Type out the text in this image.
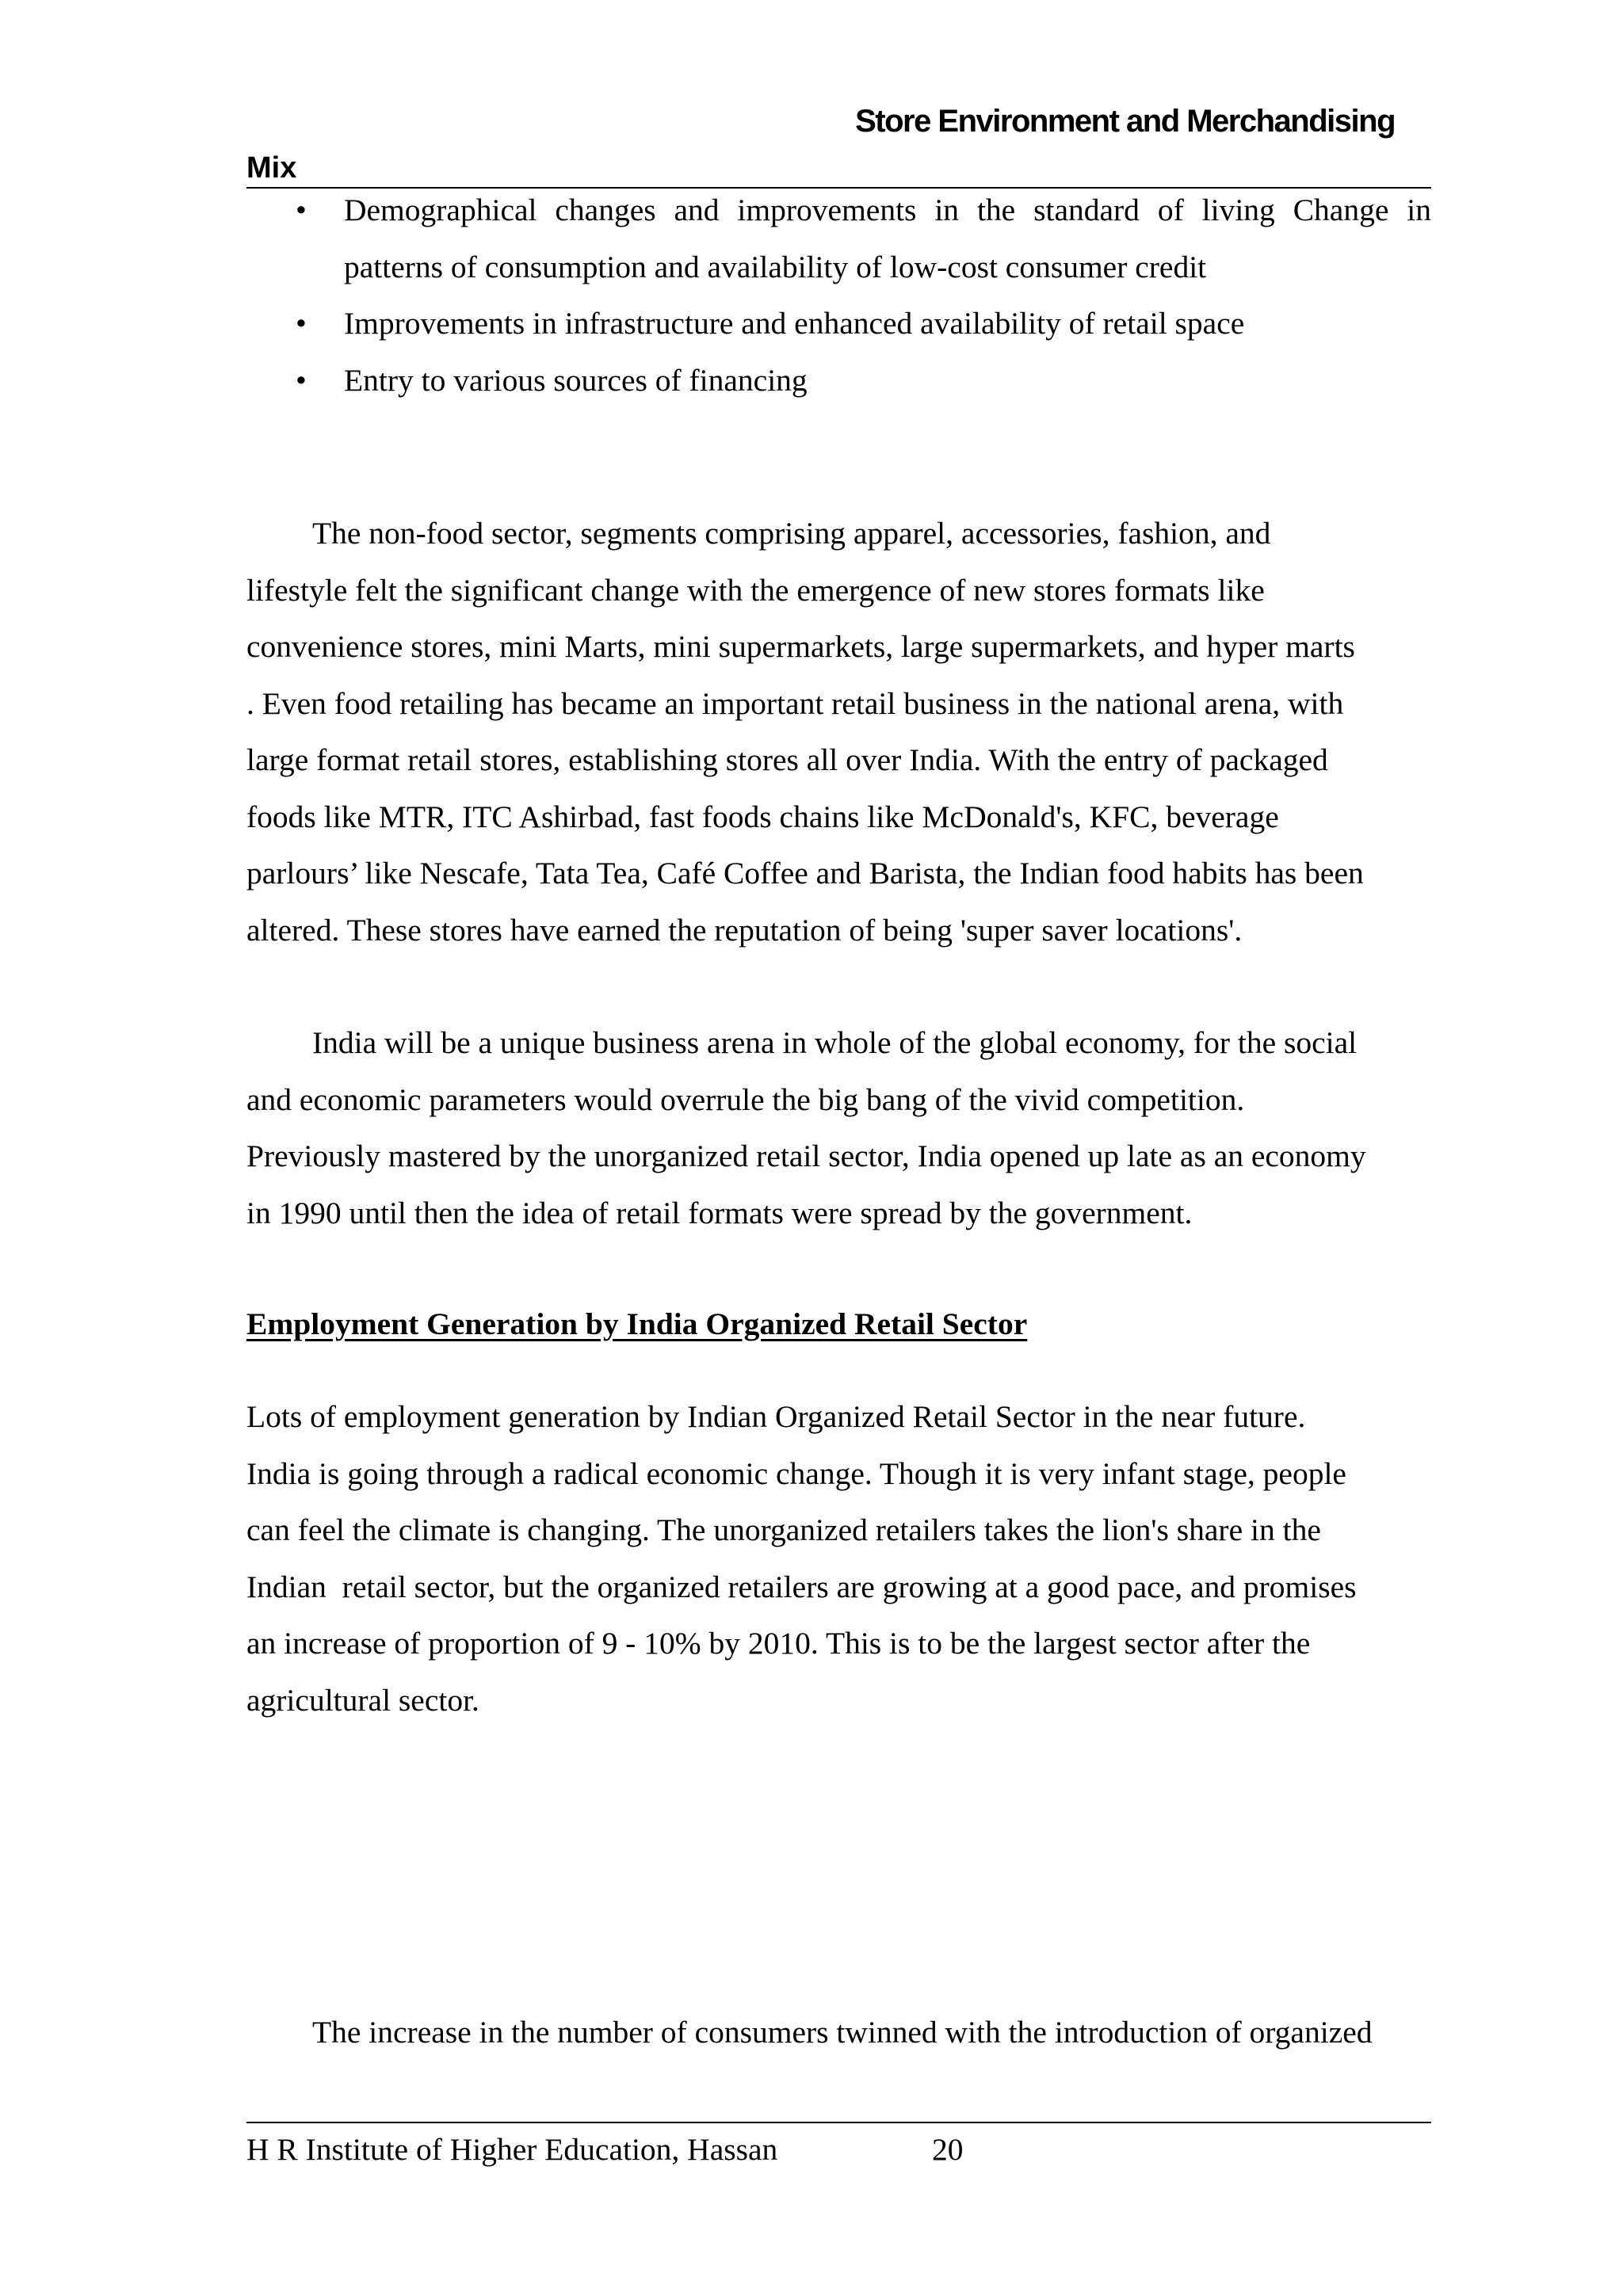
Store Environment and Merchandising
Mix
• Demographical changes and improvements in the standard of living Change in patterns of consumption and availability of low-cost consumer credit
• Improvements in infrastructure and enhanced availability of retail space
• Entry to various sources of financing
The non-food sector, segments comprising apparel, accessories, fashion, and
lifestyle felt the significant change with the emergence of new stores formats like
convenience stores, mini Marts, mini supermarkets, large supermarkets, and hyper marts
. Even food retailing has became an important retail business in the national arena, with
large format retail stores, establishing stores all over India. With the entry of packaged
foods like MTR, ITC Ashirbad, fast foods chains like McDonald's, KFC, beverage
parlours’ like Nescafe, Tata Tea, Café Coffee and Barista, the Indian food habits has been
altered. These stores have earned the reputation of being 'super saver locations'.
India will be a unique business arena in whole of the global economy, for the social
and economic parameters would overrule the big bang of the vivid competition.
Previously mastered by the unorganized retail sector, India opened up late as an economy
in 1990 until then the idea of retail formats were spread by the government.
Employment Generation by India Organized Retail Sector
Lots of employment generation by Indian Organized Retail Sector in the near future.
India is going through a radical economic change. Though it is very infant stage, people
can feel the climate is changing. The unorganized retailers takes the lion's share in the
Indian  retail sector, but the organized retailers are growing at a good pace, and promises
an increase of proportion of 9 - 10% by 2010. This is to be the largest sector after the
agricultural sector.
The increase in the number of consumers twinned with the introduction of organized
H R Institute of Higher Education, Hassan	20
